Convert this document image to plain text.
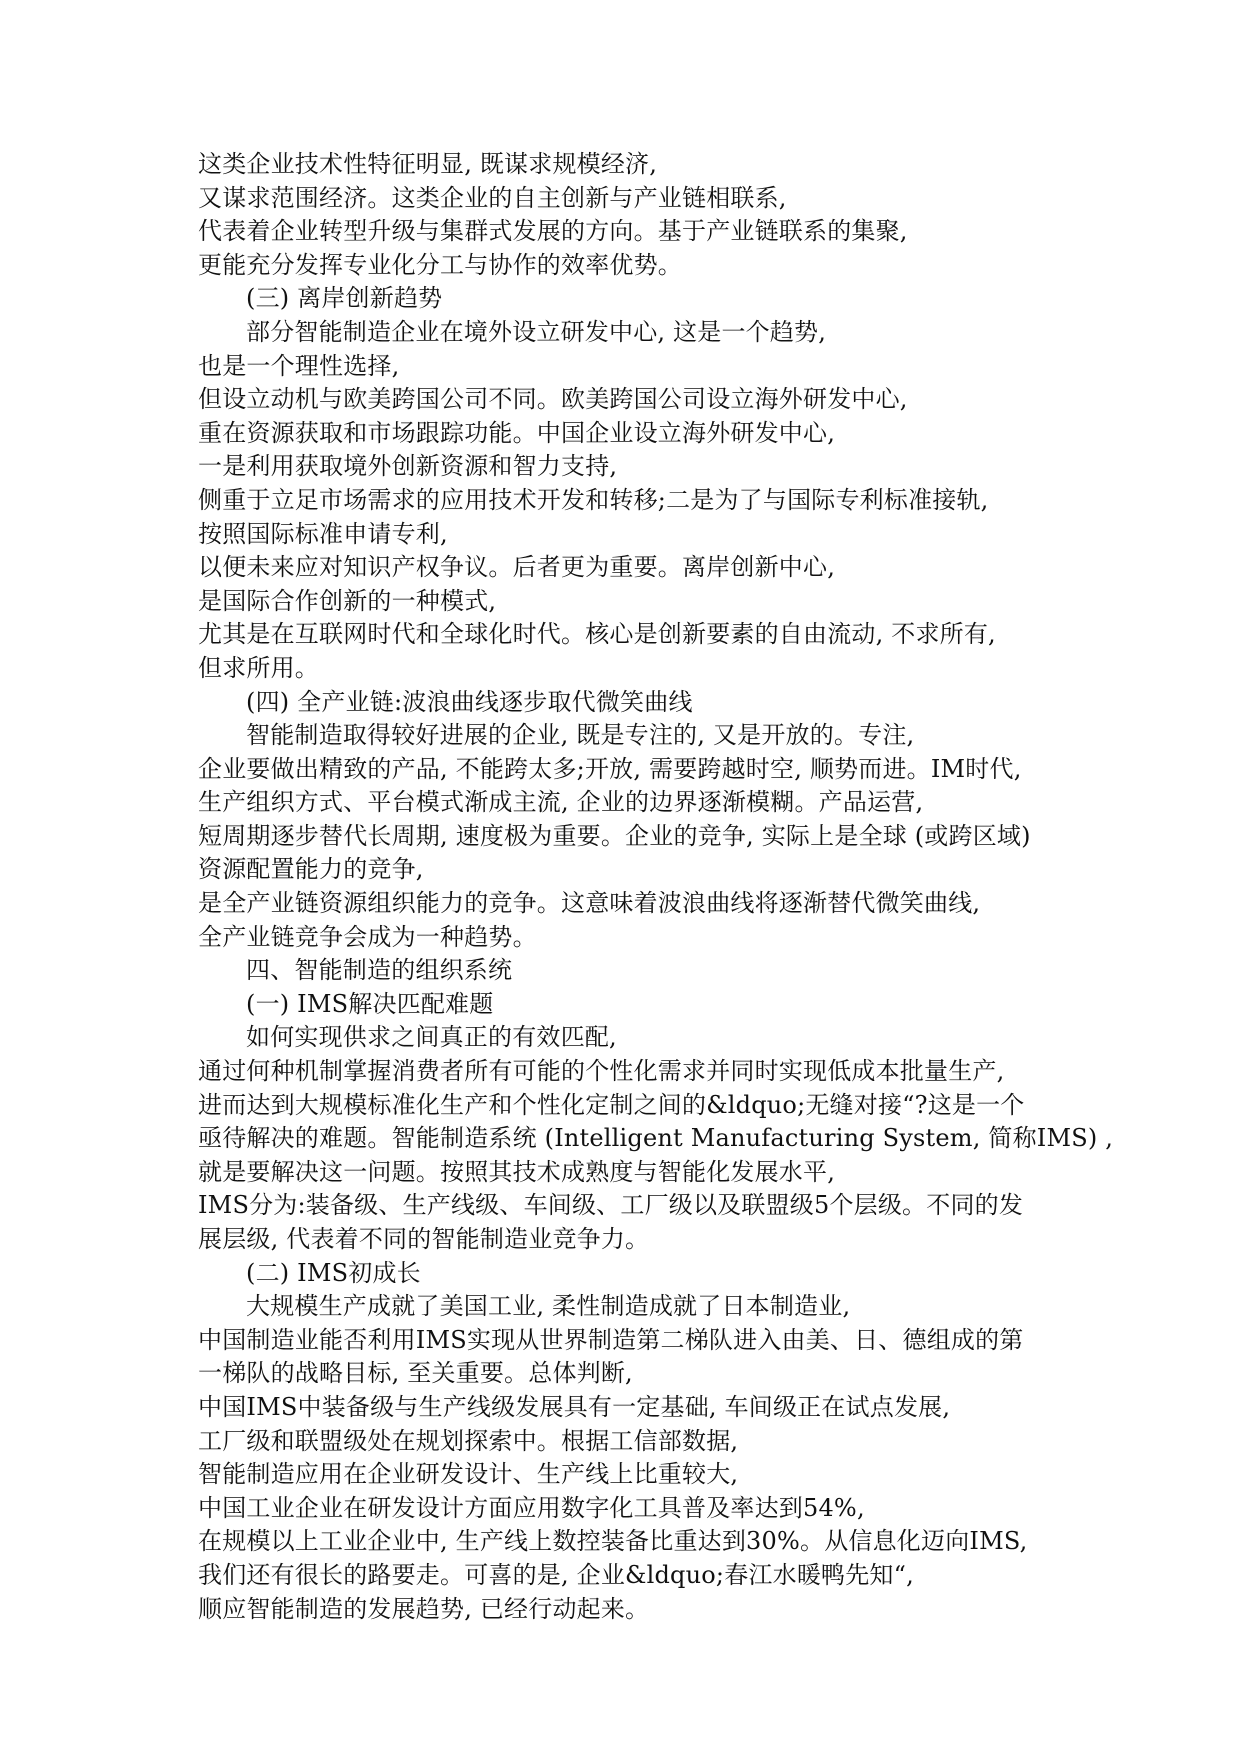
这类企业技术性特征明显, 既谋求规模经济,
又谋求范围经济。这类企业的自主创新与产业链相联系,
代表着企业转型升级与集群式发展的方向。基于产业链联系的集聚,
更能充分发挥专业化分工与协作的效率优势。
(三) 离岸创新趋势
部分智能制造企业在境外设立研发中心, 这是一个趋势,
也是一个理性选择,
但设立动机与欧美跨国公司不同。欧美跨国公司设立海外研发中心,
重在资源获取和市场跟踪功能。中国企业设立海外研发中心,
一是利用获取境外创新资源和智力支持,
侧重于立足市场需求的应用技术开发和转移;二是为了与国际专利标准接轨,
按照国际标准申请专利,
以便未来应对知识产权争议。后者更为重要。离岸创新中心,
是国际合作创新的一种模式,
尤其是在互联网时代和全球化时代。核心是创新要素的自由流动, 不求所有,
但求所用。
(四) 全产业链:波浪曲线逐步取代微笑曲线
智能制造取得较好进展的企业, 既是专注的, 又是开放的。专注,
企业要做出精致的产品, 不能跨太多;开放, 需要跨越时空, 顺势而进。IM时代,
生产组织方式、平台模式渐成主流, 企业的边界逐渐模糊。产品运营,
短周期逐步替代长周期, 速度极为重要。企业的竞争, 实际上是全球 (或跨区域)
资源配置能力的竞争,
是全产业链资源组织能力的竞争。这意味着波浪曲线将逐渐替代微笑曲线,
全产业链竞争会成为一种趋势。
四、智能制造的组织系统
(一) IMS解决匹配难题
如何实现供求之间真正的有效匹配,
通过何种机制掌握消费者所有可能的个性化需求并同时实现低成本批量生产,
进而达到大规模标准化生产和个性化定制之间的&ldquo;无缝对接“?这是一个
亟待解决的难题。智能制造系统 (Intelligent Manufacturing System, 简称IMS) ,
就是要解决这一问题。按照其技术成熟度与智能化发展水平,
IMS分为:装备级、生产线级、车间级、工厂级以及联盟级5个层级。不同的发
展层级, 代表着不同的智能制造业竞争力。
(二) IMS初成长
大规模生产成就了美国工业, 柔性制造成就了日本制造业,
中国制造业能否利用IMS实现从世界制造第二梯队进入由美、日、德组成的第
一梯队的战略目标, 至关重要。总体判断,
中国IMS中装备级与生产线级发展具有一定基础, 车间级正在试点发展,
工厂级和联盟级处在规划探索中。根据工信部数据,
智能制造应用在企业研发设计、生产线上比重较大,
中国工业企业在研发设计方面应用数字化工具普及率达到54%,
在规模以上工业企业中, 生产线上数控装备比重达到30%。从信息化迈向IMS,
我们还有很长的路要走。可喜的是, 企业&ldquo;春江水暖鸭先知“,
顺应智能制造的发展趋势, 已经行动起来。
